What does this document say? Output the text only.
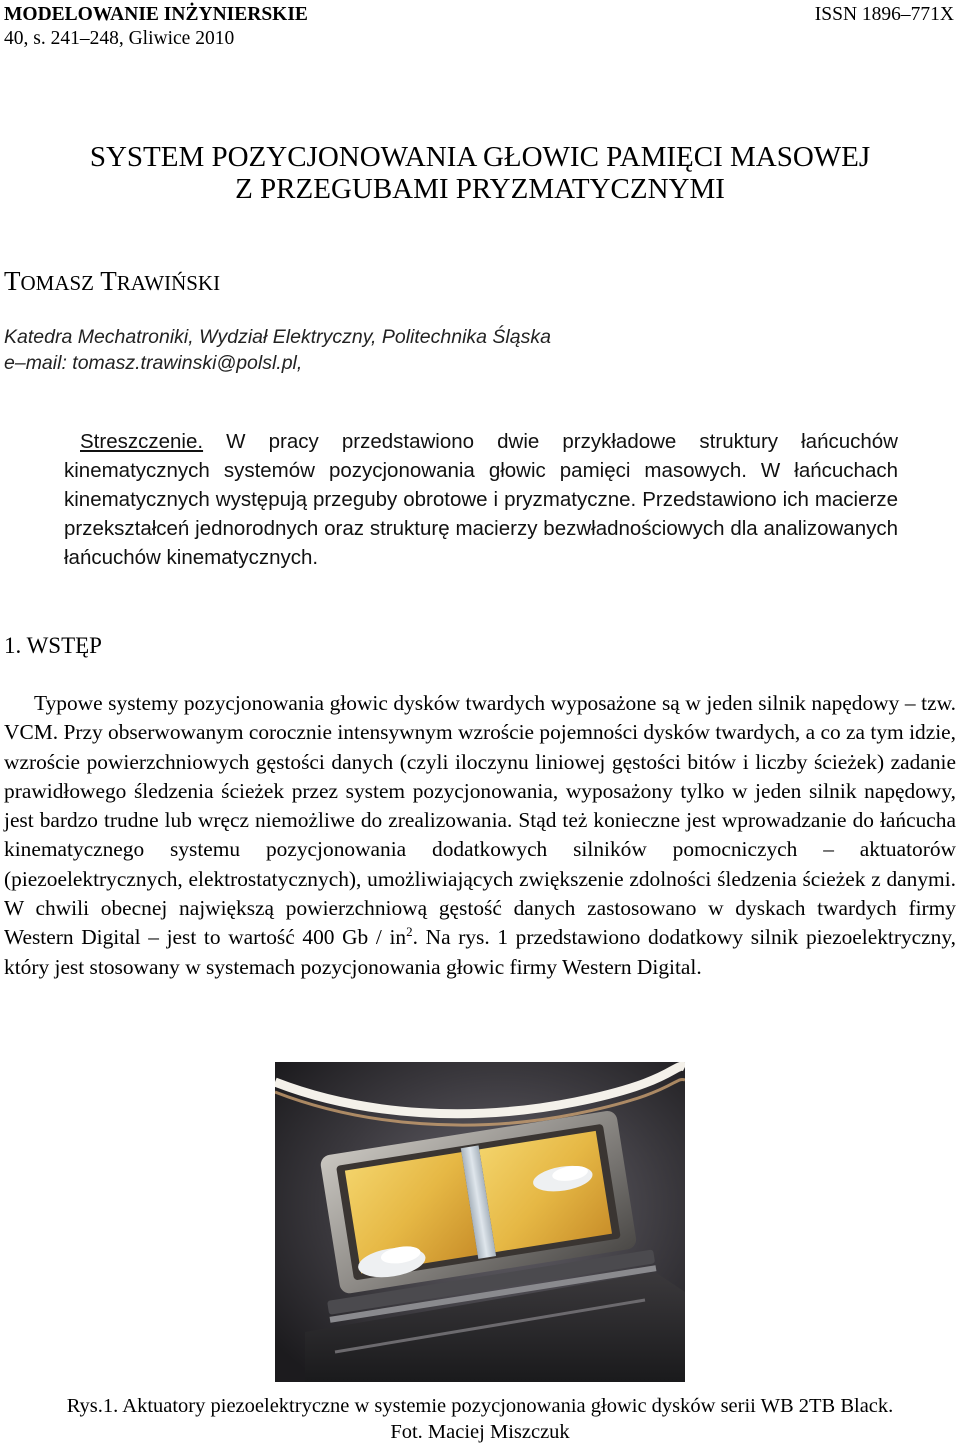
MODELOWANIE INŻYNIERSKIE
40, s. 241–248, Gliwice 2010
ISSN 1896–771X
SYSTEM POZYCJONOWANIA GŁOWIC PAMIĘCI MASOWEJ
Z PRZEGUBAMI PRYZMATYCZNYMI
TOMASZ TRAWIŃSKI
Katedra Mechatroniki, Wydział Elektryczny, Politechnika Śląska
e–mail: tomasz.trawinski@polsl.pl,
Streszczenie. W pracy przedstawiono dwie przykładowe struktury łańcuchów kinematycznych systemów pozycjonowania głowic pamięci masowych. W łańcuchach kinematycznych występują przeguby obrotowe i pryzmatyczne. Przedstawiono ich macierze przekształceń jednorodnych oraz strukturę macierzy bezwładnościowych dla analizowanych łańcuchów kinematycznych.
1. WSTĘP
Typowe systemy pozycjonowania głowic dysków twardych wyposażone są w jeden silnik napędowy – tzw. VCM. Przy obserwowanym corocznie intensywnym wzroście pojemności dysków twardych, a co za tym idzie, wzroście powierzchniowych gęstości danych (czyli iloczynu liniowej gęstości bitów i liczby ścieżek) zadanie prawidłowego śledzenia ścieżek przez system pozycjonowania, wyposażony tylko w jeden silnik napędowy, jest bardzo trudne lub wręcz niemożliwe do zrealizowania. Stąd też konieczne jest wprowadzanie do łańcucha kinematycznego systemu pozycjonowania dodatkowych silników pomocniczych – aktuatorów (piezoelektrycznych, elektrostatycznych), umożliwiających zwiększenie zdolności śledzenia ścieżek z danymi. W chwili obecnej największą powierzchniową gęstość danych zastosowano w dyskach twardych firmy Western Digital – jest to wartość 400 Gb / $in^2$. Na rys. 1 przedstawiono dodatkowy silnik piezoelektryczny, który jest stosowany w systemach pozycjonowania głowic firmy Western Digital.
Rys.1. Aktuatory piezoelektryczne w systemie pozycjonowania głowic dysków serii WB 2TB Black.
Fot. Maciej Miszczuk
